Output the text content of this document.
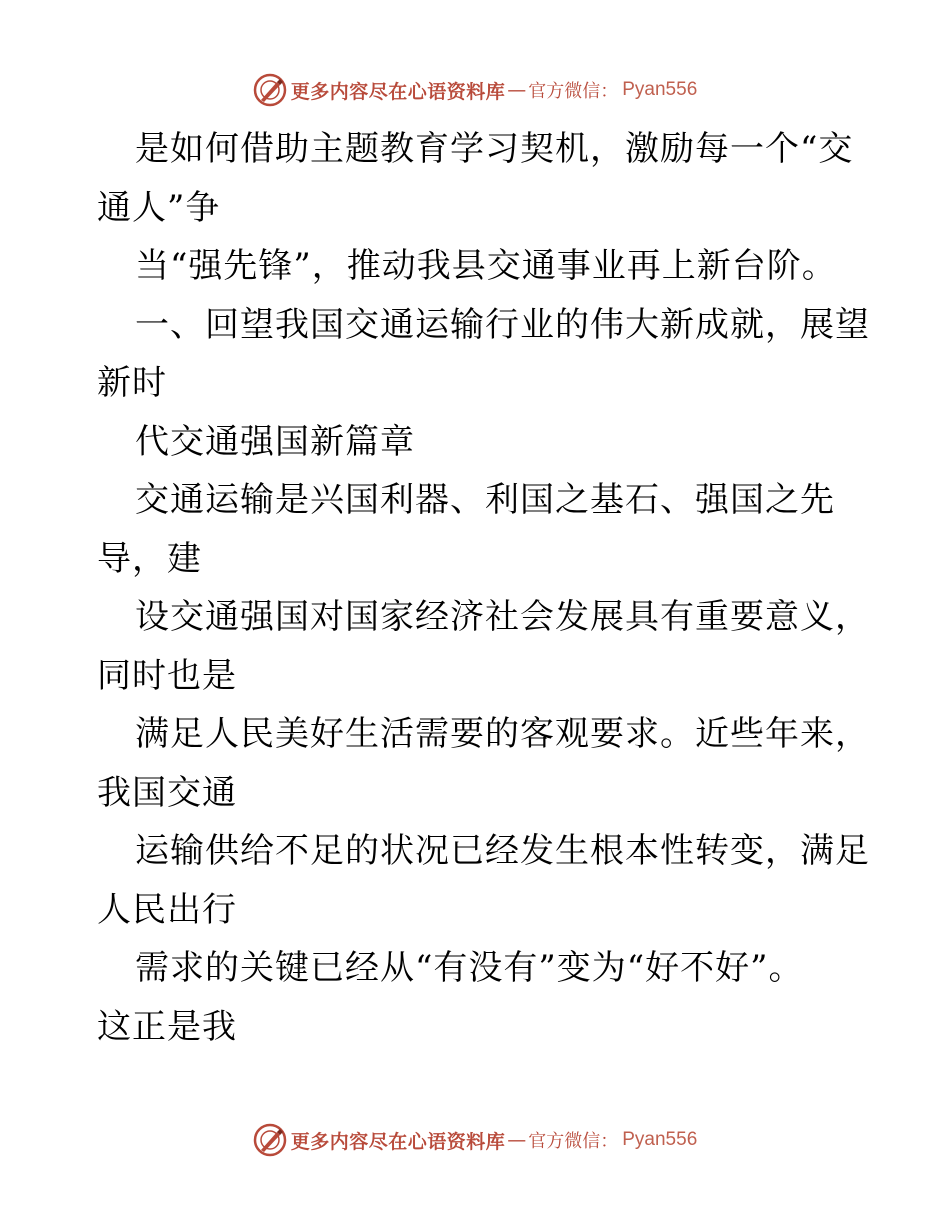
更多内容尽在心语资料库 — 官方微信： Pyan556
是如何借助主题教育学习契机，激励每一个“交
通人”争
当“强先锋”，推动我县交通事业再上新台阶。
一、回望我国交通运输行业的伟大新成就，展望
新时
代交通强国新篇章
交通运输是兴国利器、利国之基石、强国之先
导，建
设交通强国对国家经济社会发展具有重要意义，
同时也是
满足人民美好生活需要的客观要求。近些年来，
我国交通
运输供给不足的状况已经发生根本性转变，满足
人民出行
需求的关键已经从“有没有”变为“好不好”。
这正是我
更多内容尽在心语资料库 — 官方微信： Pyan556
